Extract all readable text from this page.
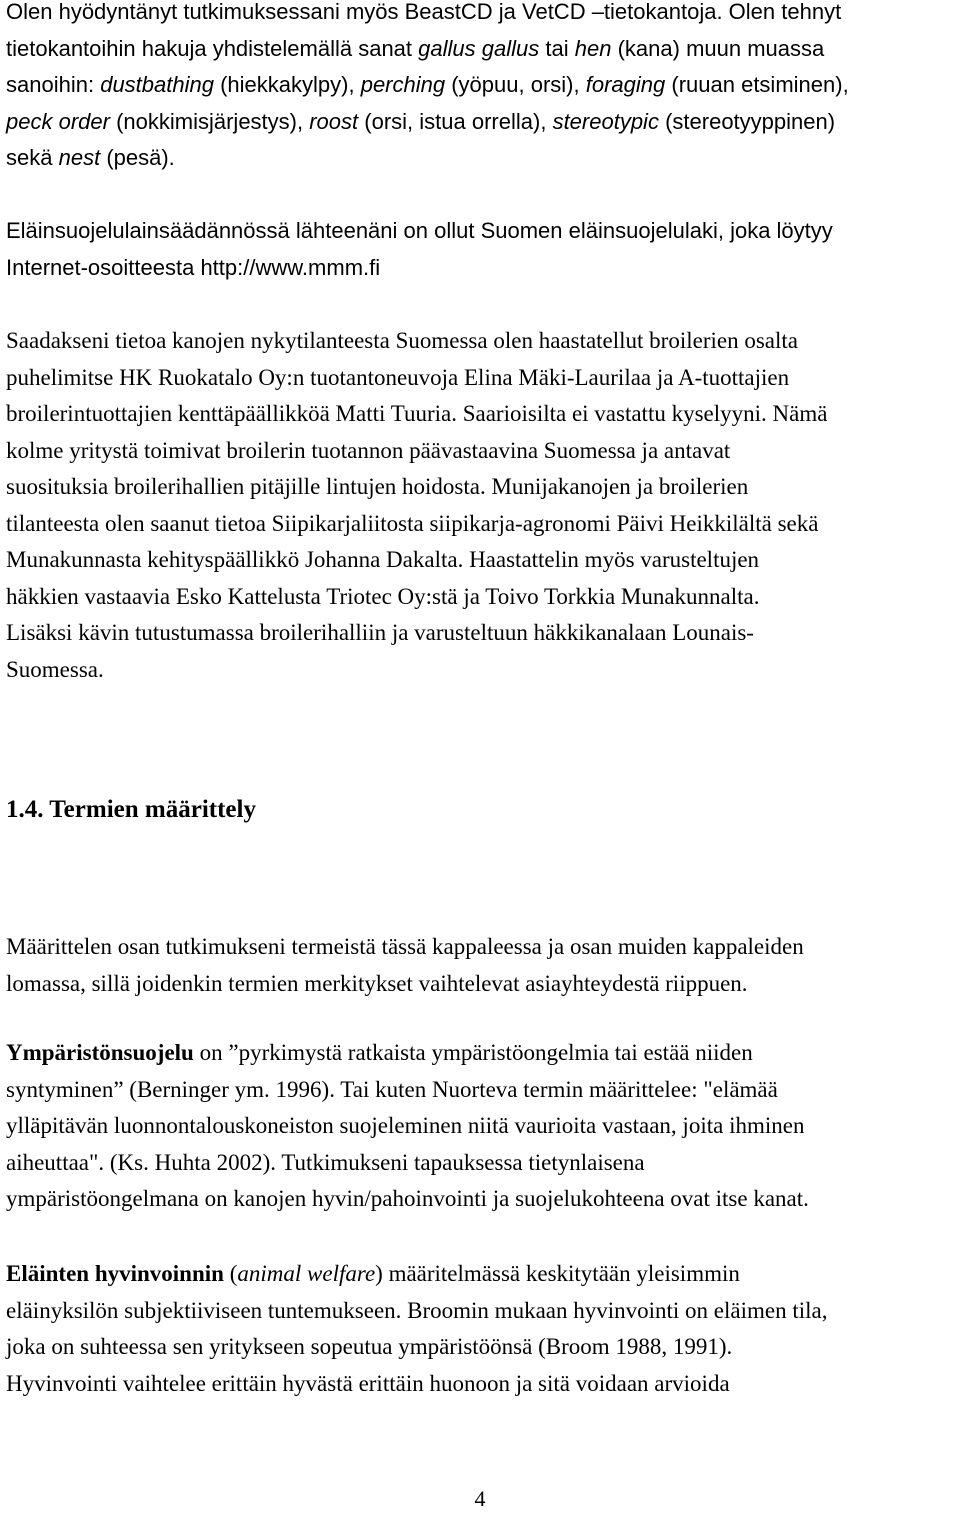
Olen hyödyntänyt tutkimuksessani myös BeastCD ja VetCD –tietokantoja. Olen tehnyt
tietokantoihin hakuja yhdistelemällä sanat gallus gallus tai hen (kana) muun muassa
sanoihin: dustbathing (hiekkakylpy), perching (yöpuu, orsi), foraging (ruuan etsiminen),
peck order (nokkimisjärjestys), roost (orsi, istua orrella), stereotypic (stereotyyppinen)
sekä nest (pesä).
Eläinsuojelulainsäädännössä lähteenäni on ollut Suomen eläinsuojelulaki, joka löytyy
Internet-osoitteesta http://www.mmm.fi
Saadakseni tietoa kanojen nykytilanteesta Suomessa olen haastatellut broilerien osalta
puhelimitse HK Ruokatalo Oy:n tuotantoneuvoja Elina Mäki-Laurilaa ja A-tuottajien
broilerintuottajien kenttäpäällikköä Matti Tuuria. Saarioisilta ei vastattu kyselyyni. Nämä
kolme yritystä toimivat broilerin tuotannon päävastaavina Suomessa ja antavat
suosituksia broilerihallien pitäjille lintujen hoidosta. Munijakanojen ja broilerien
tilanteesta olen saanut tietoa Siipikarjaliitosta siipikarja-agronomi Päivi Heikkilältä sekä
Munakunnasta kehityspäällikkö Johanna Dakalta. Haastattelin myös varusteltujen
häkkien vastaavia Esko Kattelusta Triotec Oy:stä ja Toivo Torkkia Munakunnalta.
Lisäksi kävin tutustumassa broilerihalliin ja varusteltuun häkkikanalaan Lounais-
Suomessa.
1.4. Termien määrittely
Määrittelen osan tutkimukseni termeistä tässä kappaleessa ja osan muiden kappaleiden
lomassa, sillä joidenkin termien merkitykset vaihtelevat asiayhteydestä riippuen.
Ympäristönsuojelu on ”pyrkimystä ratkaista ympäristöongelmia tai estää niiden
syntyminen” (Berninger ym. 1996). Tai kuten Nuorteva termin määrittelee: "elämää
ylläpitävän luonnontalouskoneiston suojeleminen niitä vaurioita vastaan, joita ihminen
aiheuttaa". (Ks. Huhta 2002). Tutkimukseni tapauksessa tietynlaisena
ympäristöongelmana on kanojen hyvin/pahoinvointi ja suojelukohteena ovat itse kanat.
Eläinten hyvinvoinnin (animal welfare) määritelmässä keskitytään yleisimmin
eläinyksilön subjektiiviseen tuntemukseen. Broomin mukaan hyvinvointi on eläimen tila,
joka on suhteessa sen yritykseen sopeutua ympäristöönsä (Broom 1988, 1991).
Hyvinvointi vaihtelee erittäin hyvästä erittäin huonoon ja sitä voidaan arvioida
4
